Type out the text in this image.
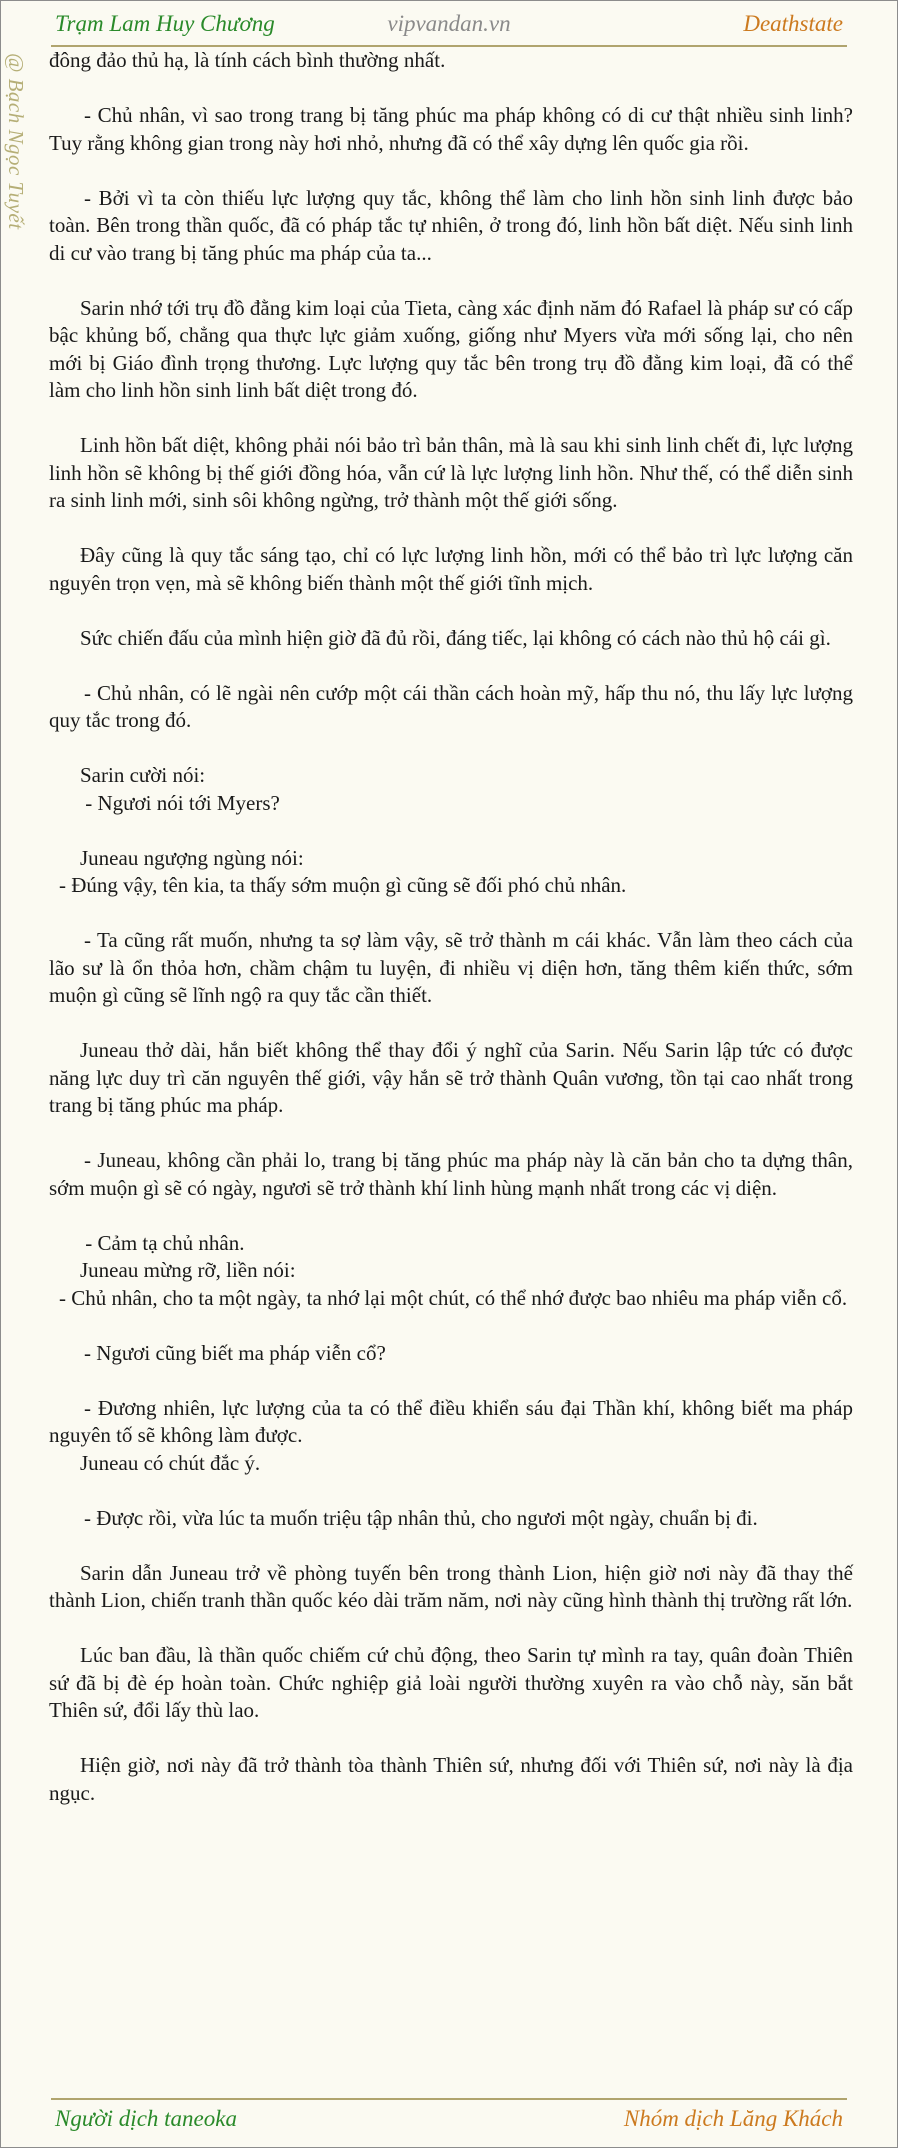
Trạm Lam Huy Chương	vipvandan.vn	Deathstate
@ Bạch Ngọc Tuyết đông đảo thủ hạ, là tính cách bình thường nhất.

- Chủ nhân, vì sao trong trang bị tăng phúc ma pháp không có di cư thật nhiều sinh linh? Tuy rằng không gian trong này hơi nhỏ, nhưng đã có thể xây dựng lên quốc gia rồi.

- Bởi vì ta còn thiếu lực lượng quy tắc, không thể làm cho linh hồn sinh linh được bảo toàn. Bên trong thần quốc, đã có pháp tắc tự nhiên, ở trong đó, linh hồn bất diệt. Nếu sinh linh di cư vào trang bị tăng phúc ma pháp của ta...

Sarin nhớ tới trụ đồ đằng kim loại của Tieta, càng xác định năm đó Rafael là pháp sư có cấp bậc khủng bố, chẳng qua thực lực giảm xuống, giống như Myers vừa mới sống lại, cho nên mới bị Giáo đình trọng thương. Lực lượng quy tắc bên trong trụ đồ đằng kim loại, đã có thể làm cho linh hồn sinh linh bất diệt trong đó.

Linh hồn bất diệt, không phải nói bảo trì bản thân, mà là sau khi sinh linh chết đi, lực lượng linh hồn sẽ không bị thế giới đồng hóa, vẫn cứ là lực lượng linh hồn. Như thế, có thể diễn sinh ra sinh linh mới, sinh sôi không ngừng, trở thành một thế giới sống.

Đây cũng là quy tắc sáng tạo, chỉ có lực lượng linh hồn, mới có thể bảo trì lực lượng căn nguyên trọn vẹn, mà sẽ không biến thành một thế giới tĩnh mịch.

Sức chiến đấu của mình hiện giờ đã đủ rồi, đáng tiếc, lại không có cách nào thủ hộ cái gì.

- Chủ nhân, có lẽ ngài nên cướp một cái thần cách hoàn mỹ, hấp thu nó, thu lấy lực lượng quy tắc trong đó.

Sarin cười nói:
- Ngươi nói tới Myers?
Juneau ngượng ngùng nói:
- Đúng vậy, tên kia, ta thấy sớm muộn gì cũng sẽ đối phó chủ nhân.

- Ta cũng rất muốn, nhưng ta sợ làm vậy, sẽ trở thành m cái khác. Vẫn làm theo cách của lão sư là ổn thỏa hơn, chầm chậm tu luyện, đi nhiều vị diện hơn, tăng thêm kiến thức, sớm muộn gì cũng sẽ lĩnh ngộ ra quy tắc cần thiết.

Juneau thở dài, hắn biết không thể thay đổi ý nghĩ của Sarin. Nếu Sarin lập tức có được năng lực duy trì căn nguyên thế giới, vậy hắn sẽ trở thành Quân vương, tồn tại cao nhất trong trang bị tăng phúc ma pháp.

- Juneau, không cần phải lo, trang bị tăng phúc ma pháp này là căn bản cho ta dựng thân, sớm muộn gì sẽ có ngày, ngươi sẽ trở thành khí linh hùng mạnh nhất trong các vị diện.

- Cảm tạ chủ nhân.
Juneau mừng rỡ, liền nói:
- Chủ nhân, cho ta một ngày, ta nhớ lại một chút, có thể nhớ được bao nhiêu ma pháp viễn cổ.

- Ngươi cũng biết ma pháp viễn cổ?

- Đương nhiên, lực lượng của ta có thể điều khiển sáu đại Thần khí, không biết ma pháp nguyên tố sẽ không làm được.
Juneau có chút đắc ý.

- Được rồi, vừa lúc ta muốn triệu tập nhân thủ, cho ngươi một ngày, chuẩn bị đi.

Sarin dẫn Juneau trở về phòng tuyến bên trong thành Lion, hiện giờ nơi này đã thay thế thành Lion, chiến tranh thần quốc kéo dài trăm năm, nơi này cũng hình thành thị trường rất lớn.

Lúc ban đầu, là thần quốc chiếm cứ chủ động, theo Sarin tự mình ra tay, quân đoàn Thiên sứ đã bị đè ép hoàn toàn. Chức nghiệp giả loài người thường xuyên ra vào chỗ này, săn bắt Thiên sứ, đổi lấy thù lao.

Hiện giờ, nơi này đã trở thành tòa thành Thiên sứ, nhưng đối với Thiên sứ, nơi này là địa ngục.

Người dịch taneoka	Nhóm dịch Lăng Khách
